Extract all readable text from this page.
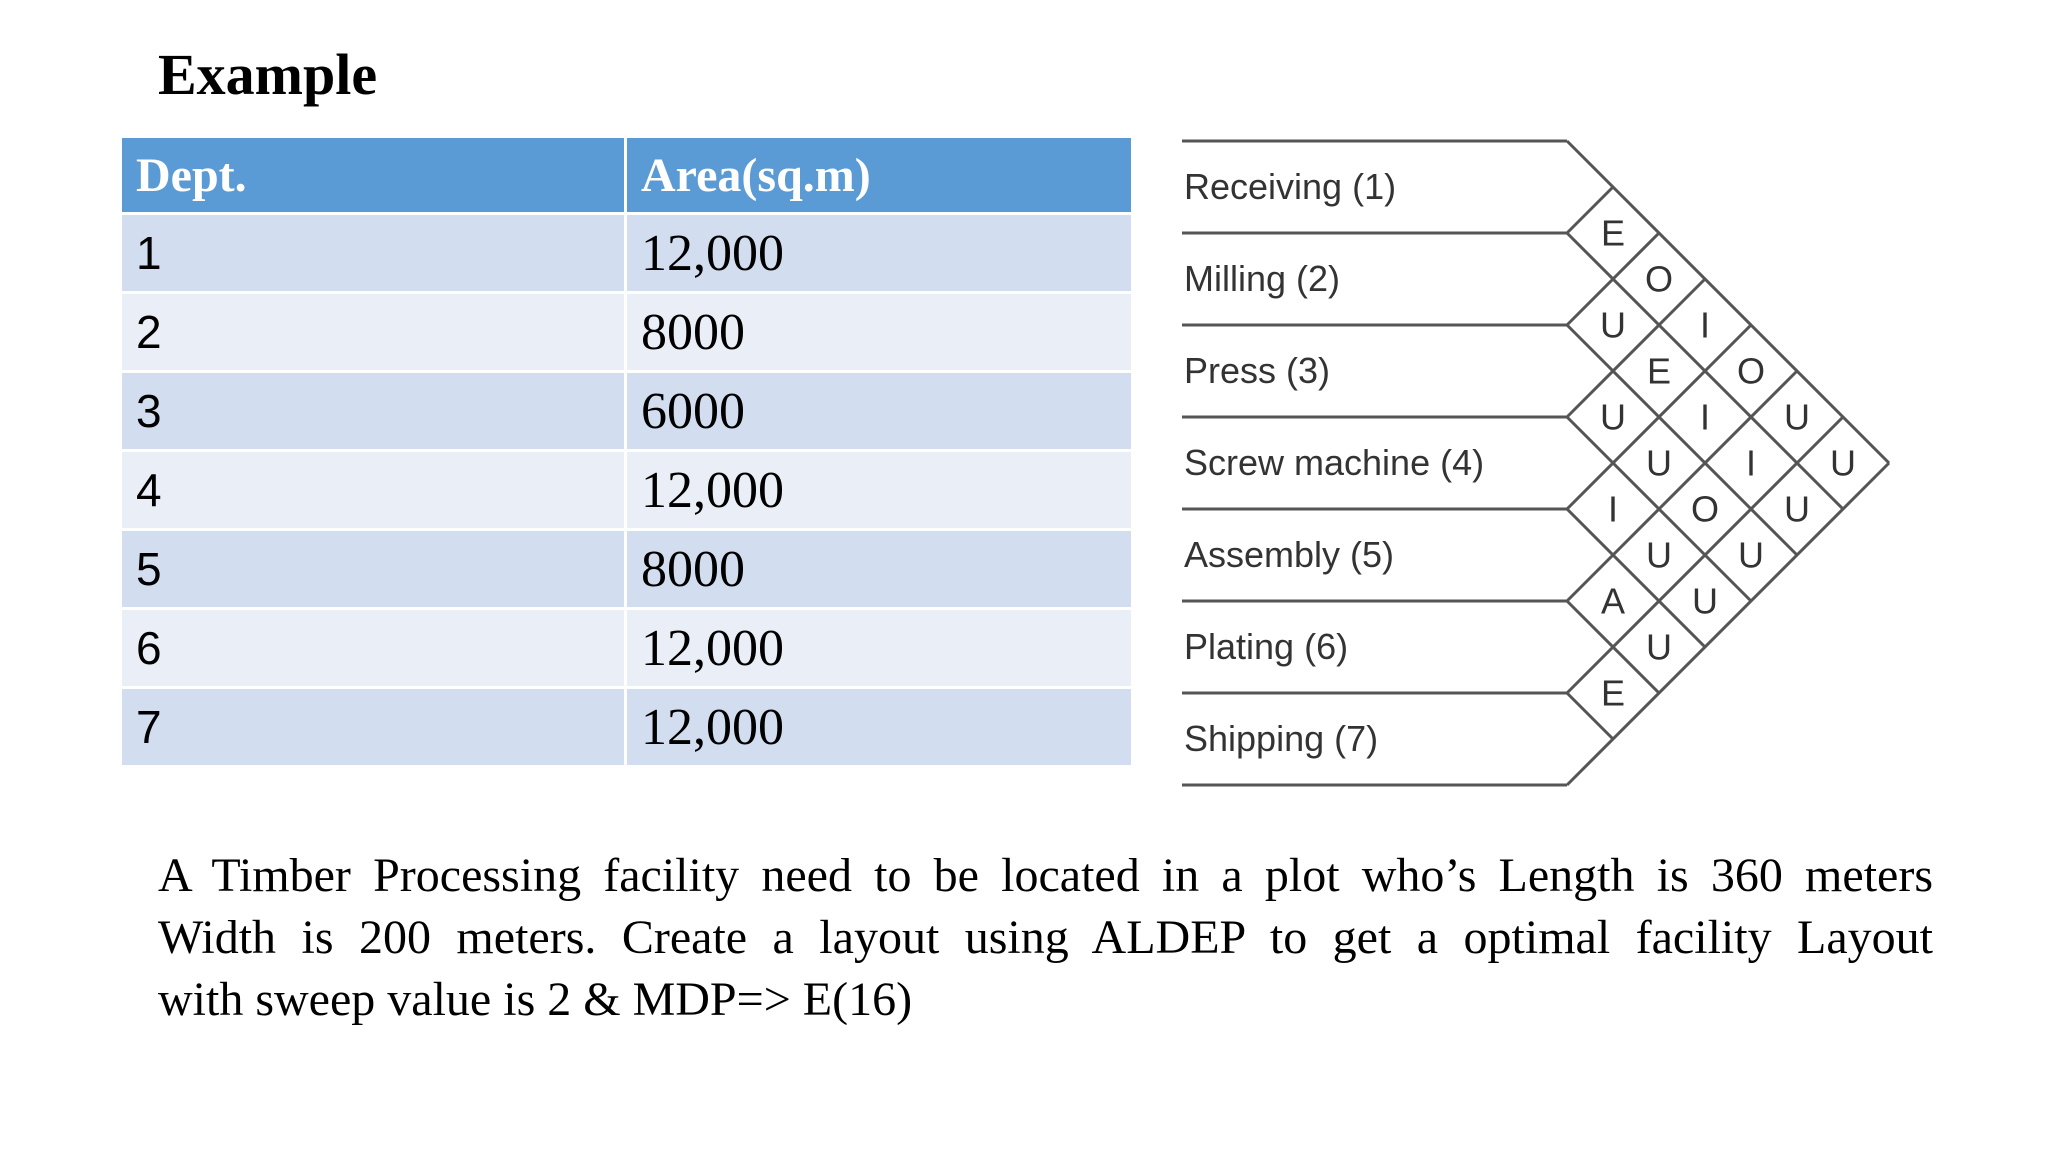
Example
Dept.	Area(sq.m)
1	12,000
2	8000
3	6000
4	12,000
5	8000
6	12,000
7	12,000
Receiving (1)
Milling (2)
Press (3)
Screw machine (4)
Assembly (5)
Plating (6)
Shipping (7)
E
O
I
O
U
U
U
E
I
I
U
U
U
O
U
I
U
U
A
U
E
A Timber Processing facility need to be located in a plot who’s Length is 360 meters
Width is 200 meters. Create a layout using ALDEP to get a optimal facility Layout
with sweep value is 2 & MDP=> E(16)
